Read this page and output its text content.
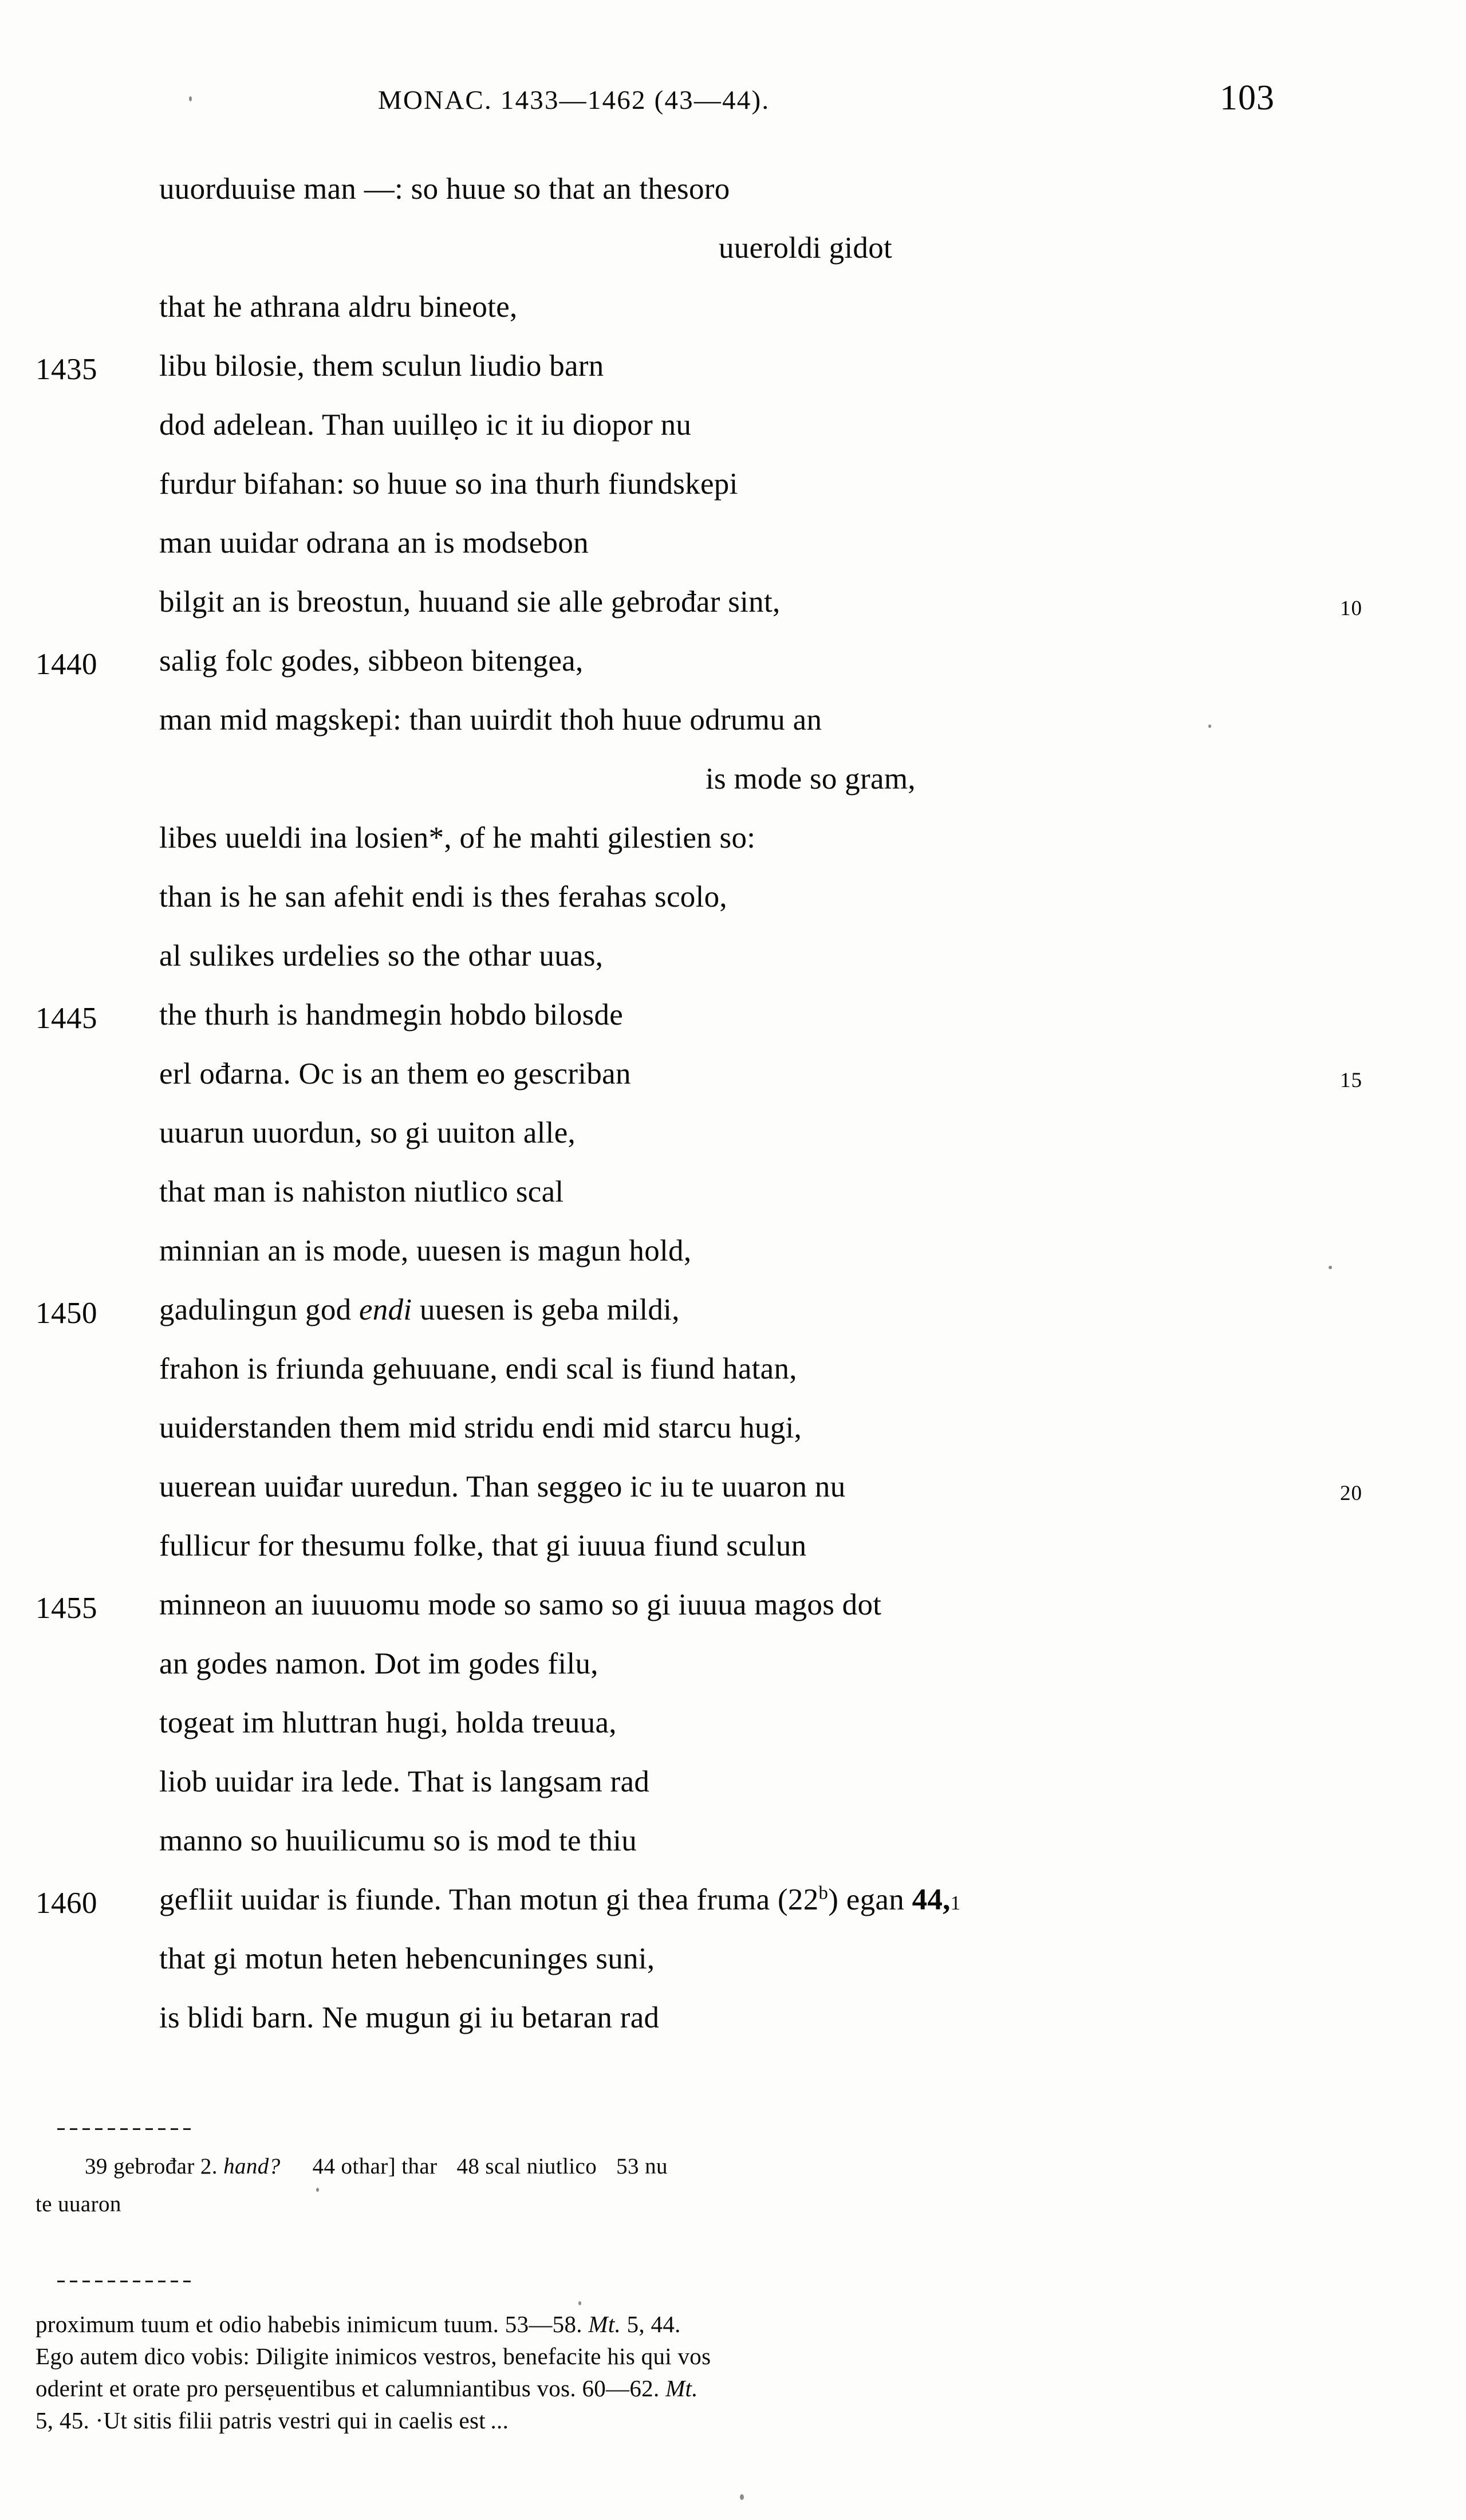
MONAC. 1433—1462 (43—44).	103
uuorduuise man —: so huue so that an thesoro
uueroldi gidot
that he athrana aldru bineote,
1435 libu bilosie, them sculun liudio barn
dod adelean. Than uuillẹo ic it iu diopor nu
furdur bifahan: so huue so ina thurh fiundskepi
man uuidar odrana an is modsebon
bilgit an is breostun, huuand sie alle gebrođar sint,	10
1440 salig folc godes, sibbeon bitengea,
man mid magskepi: than uuirdit thoh huue odrumu an
is mode so gram,
libes uueldi ina losien*, of he mahti gilestien so:
than is he san afehit endi is thes ferahas scolo,
al sulikes urdelies so the othar uuas,
1445 the thurh is handmegin hobdo bilosde
erl ođarna. Oc is an them eo gescriban	15
uuarun uuordun, so gi uuiton alle,
that man is nahiston niutlico scal
minnian an is mode, uuesen is magun hold,
1450 gadulingun god endi uuesen is geba mildi,
frahon is friunda gehuuane, endi scal is fiund hatan,
uuiderstanden them mid stridu endi mid starcu hugi,
uuerean uuiđar uuredun. Than seggeo ic iu te uuaron nu	20
fullicur for thesumu folke, that gi iuuua fiund sculun
1455 minneon an iuuuomu mode so samo so gi iuuua magos dot
an godes namon. Dot im godes filu,
togeat im hluttran hugi, holda treuua,
liob uuidar ira lede. That is langsam rad
manno so huuilicumu so is mod te thiu
1460 gefliit uuidar is fiunde. Than motun gi thea fruma (22$^b$) egan 44,1
that gi motun heten hebencuninges suni,
is blidi barn. Ne mugun gi iu betaran rad
39 gebrođar 2. hand? 44 othar] thar 48 scal niutlico 53 nu
te uuaron
proximum tuum et odio habebis inimicum tuum. 53—58. Mt. 5, 44.
Ego autem dico vobis: Diligite inimicos vestros, benefacite his qui vos
oderint et orate pro persẹuentibus et calumniantibus vos. 60—62. Mt.
5, 45. ·Ut sitis filii patris vestri qui in caelis est ...
